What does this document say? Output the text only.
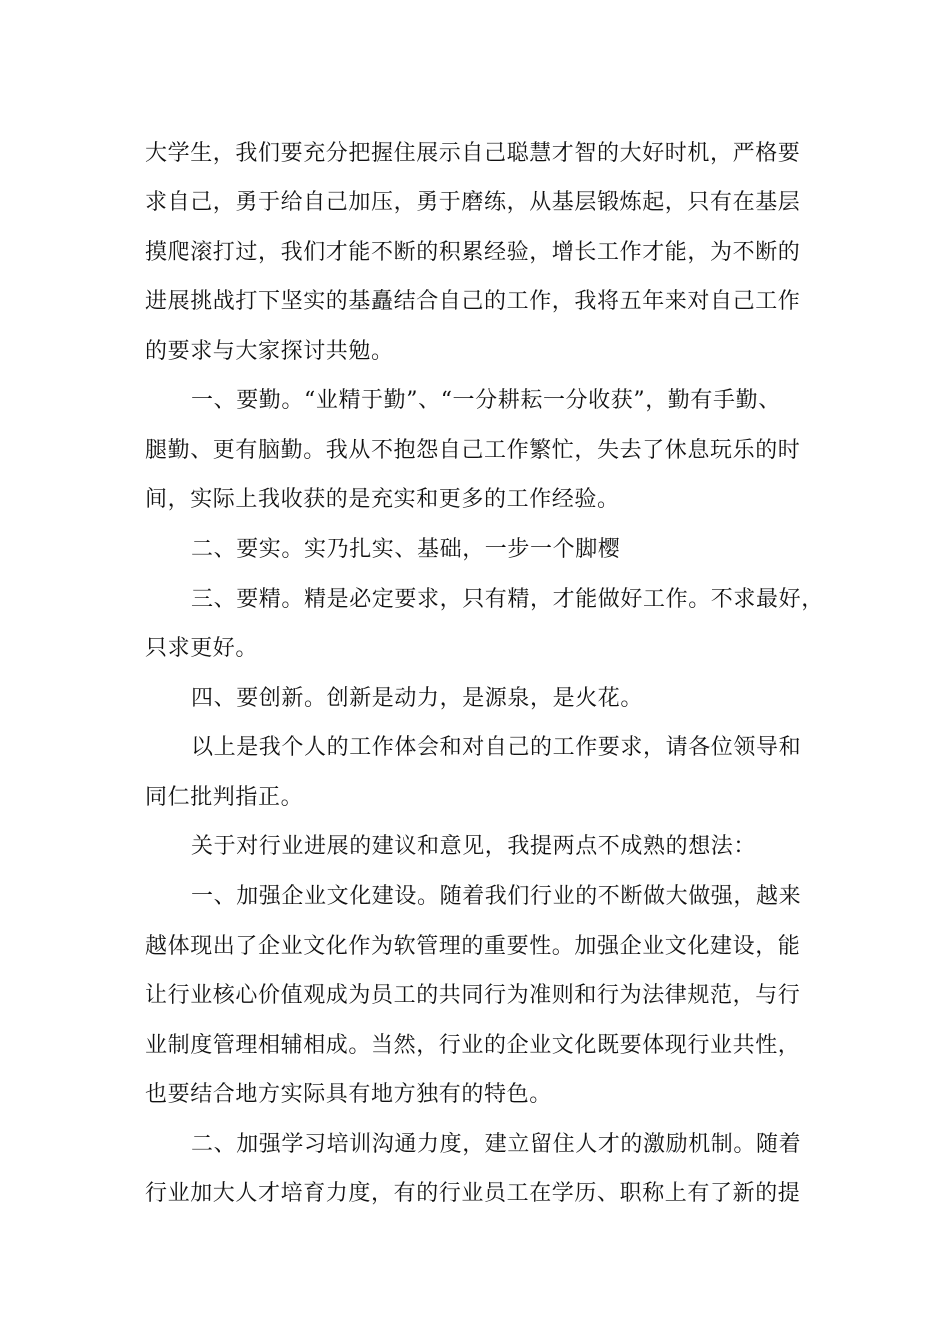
大学生，我们要充分把握住展示自己聪慧才智的大好时机，严格要
求自己，勇于给自己加压，勇于磨练，从基层锻炼起，只有在基层
摸爬滚打过，我们才能不断的积累经验，增长工作才能，为不断的
进展挑战打下坚实的基矗结合自己的工作，我将五年来对自己工作
的要求与大家探讨共勉。
一、要勤。“业精于勤”、“一分耕耘一分收获”，勤有手勤、
腿勤、更有脑勤。我从不抱怨自己工作繁忙，失去了休息玩乐的时
间，实际上我收获的是充实和更多的工作经验。
二、要实。实乃扎实、基础，一步一个脚樱
三、要精。精是必定要求，只有精，才能做好工作。不求最好，
只求更好。
四、要创新。创新是动力，是源泉，是火花。
以上是我个人的工作体会和对自己的工作要求，请各位领导和
同仁批判指正。
关于对行业进展的建议和意见，我提两点不成熟的想法：
一、加强企业文化建设。随着我们行业的不断做大做强，越来
越体现出了企业文化作为软管理的重要性。加强企业文化建设，能
让行业核心价值观成为员工的共同行为准则和行为法律规范，与行
业制度管理相辅相成。当然，行业的企业文化既要体现行业共性，
也要结合地方实际具有地方独有的特色。
二、加强学习培训沟通力度，建立留住人才的激励机制。随着
行业加大人才培育力度，有的行业员工在学历、职称上有了新的提
